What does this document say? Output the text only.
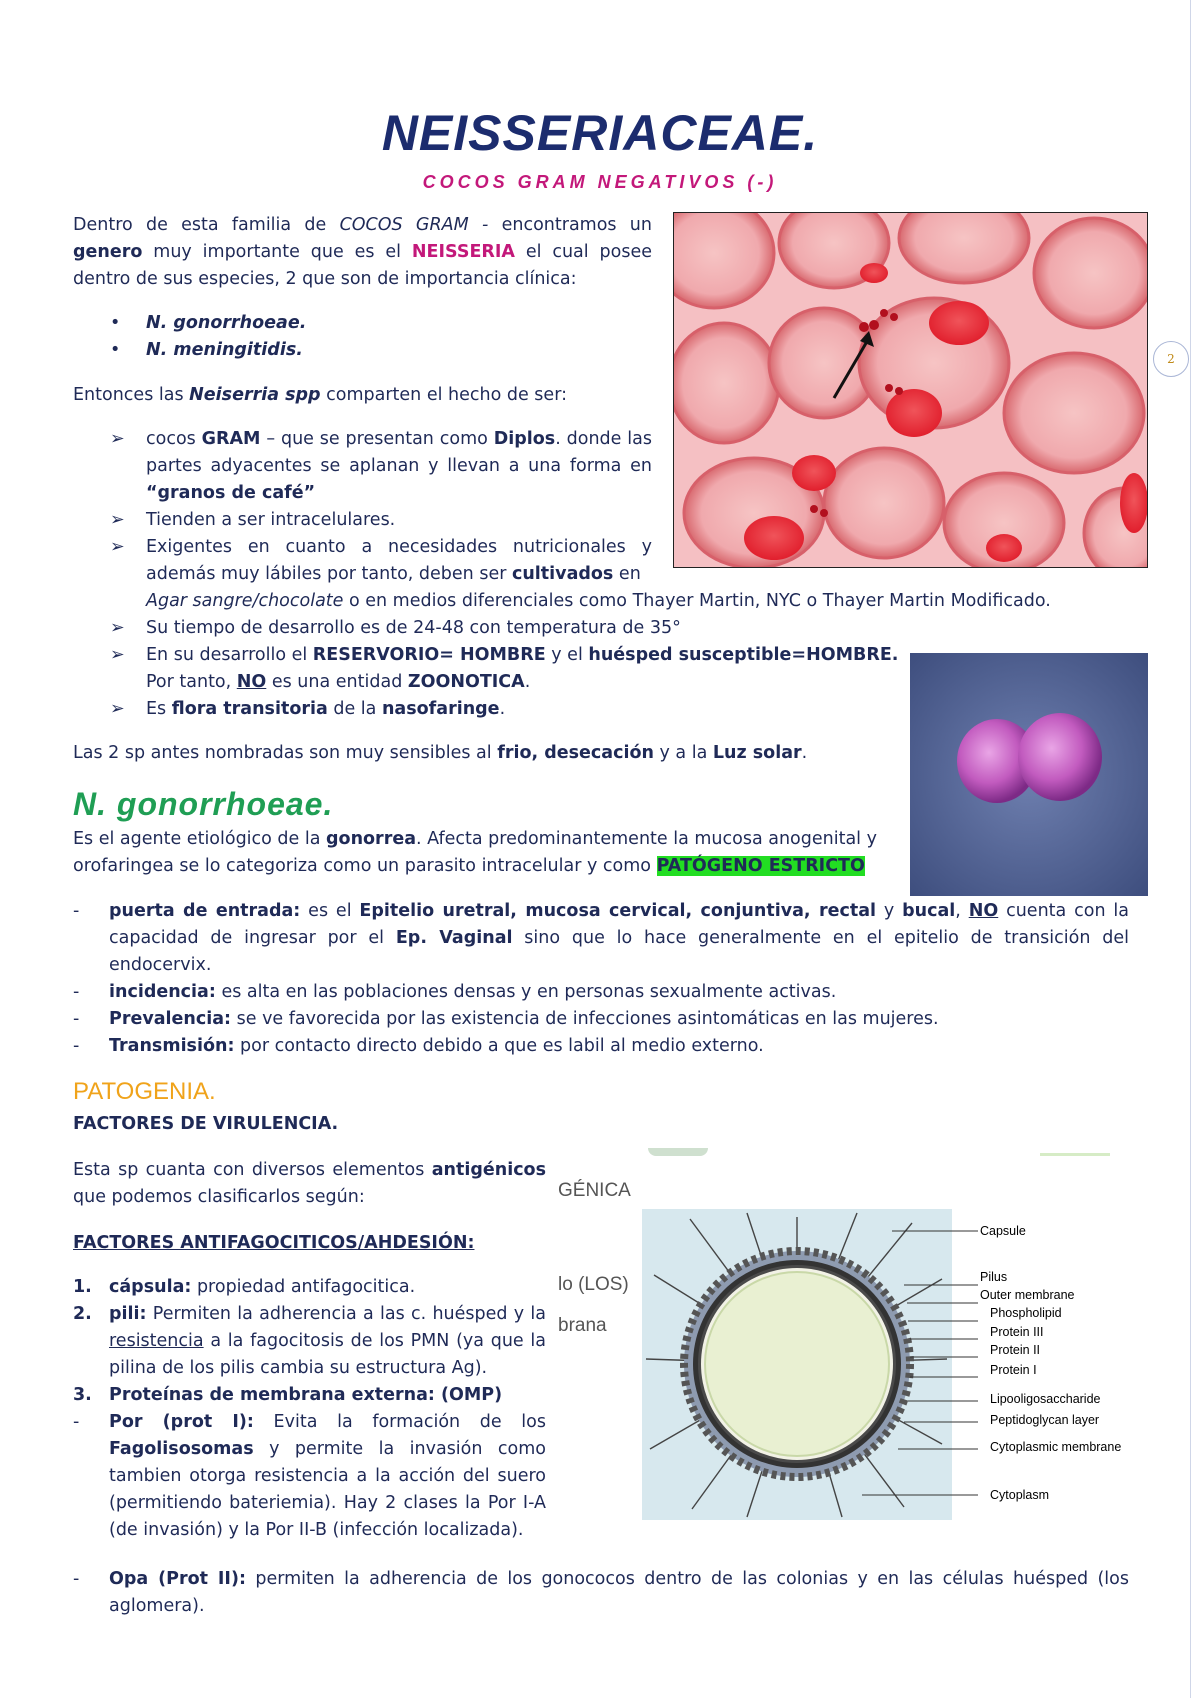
NEISSERIACEAE.
COCOS GRAM NEGATIVOS (-)
2
Dentro de esta familia de COCOS GRAM - encontramos un genero muy importante que es el NEISSERIA el cual posee dentro de sus especies, 2 que son de importancia clínica:
• N. gonorrhoeae.
• N. meningitidis.
Entonces las Neiserria spp comparten el hecho de ser:
➢ cocos GRAM – que se presentan como Diplos. donde las partes adyacentes se aplanan y llevan a una forma en “granos de café”
➢ Tienden a ser intracelulares.
➢ Exigentes en cuanto a necesidades nutricionales y además muy lábiles por tanto, deben ser cultivados en
Agar sangre/chocolate o en medios diferenciales como Thayer Martin, NYC o Thayer Martin Modificado.
➢ Su tiempo de desarrollo es de 24-48 con temperatura de 35°
➢ En su desarrollo el RESERVORIO= HOMBRE y el huésped susceptible=HOMBRE.
Por tanto, NO es una entidad ZOONOTICA.
➢ Es flora transitoria de la nasofaringe.
Las 2 sp antes nombradas son muy sensibles al frio, desecación y a la Luz solar.
N. gonorrhoeae.
Es el agente etiológico de la gonorrea. Afecta predominantemente la mucosa anogenital y orofaringea se lo categoriza como un parasito intracelular y como PATÓGENO ESTRICTO
- puerta de entrada: es el Epitelio uretral, mucosa cervical, conjuntiva, rectal y bucal, NO cuenta con la capacidad de ingresar por el Ep. Vaginal sino que lo hace generalmente en el epitelio de transición del endocervix.
- incidencia: es alta en las poblaciones densas y en personas sexualmente activas.
- Prevalencia: se ve favorecida por las existencia de infecciones asintomáticas en las mujeres.
- Transmisión: por contacto directo debido a que es labil al medio externo.
PATOGENIA.
FACTORES DE VIRULENCIA.
Esta sp cuanta con diversos elementos antigénicos que podemos clasificarlos según:
FACTORES ANTIFAGOCITICOS/AHDESIÓN:
1. cápsula: propiedad antifagocitica.
2. pili: Permiten la adherencia a las c. huésped y la resistencia a la fagocitosis de los PMN (ya que la pilina de los pilis cambia su estructura Ag).
3. Proteínas de membrana externa: (OMP)
- Por (prot I): Evita la formación de los Fagolisosomas y permite la invasión como tambien otorga resistencia a la acción del suero (permitiendo bateriemia). Hay 2 clases la Por I-A (de invasión) y la Por II-B (infección localizada).
- Opa (Prot II): permiten la adherencia de los gonococos dentro de las colonias y en las células huésped (los aglomera).

GÉNICA
lo (LOS)
brana
Capsule
Pilus
Outer membrane
Phospholipid
Protein III
Protein II
Protein I
Lipooligosaccharide
Peptidoglycan layer
Cytoplasmic membrane
Cytoplasm
